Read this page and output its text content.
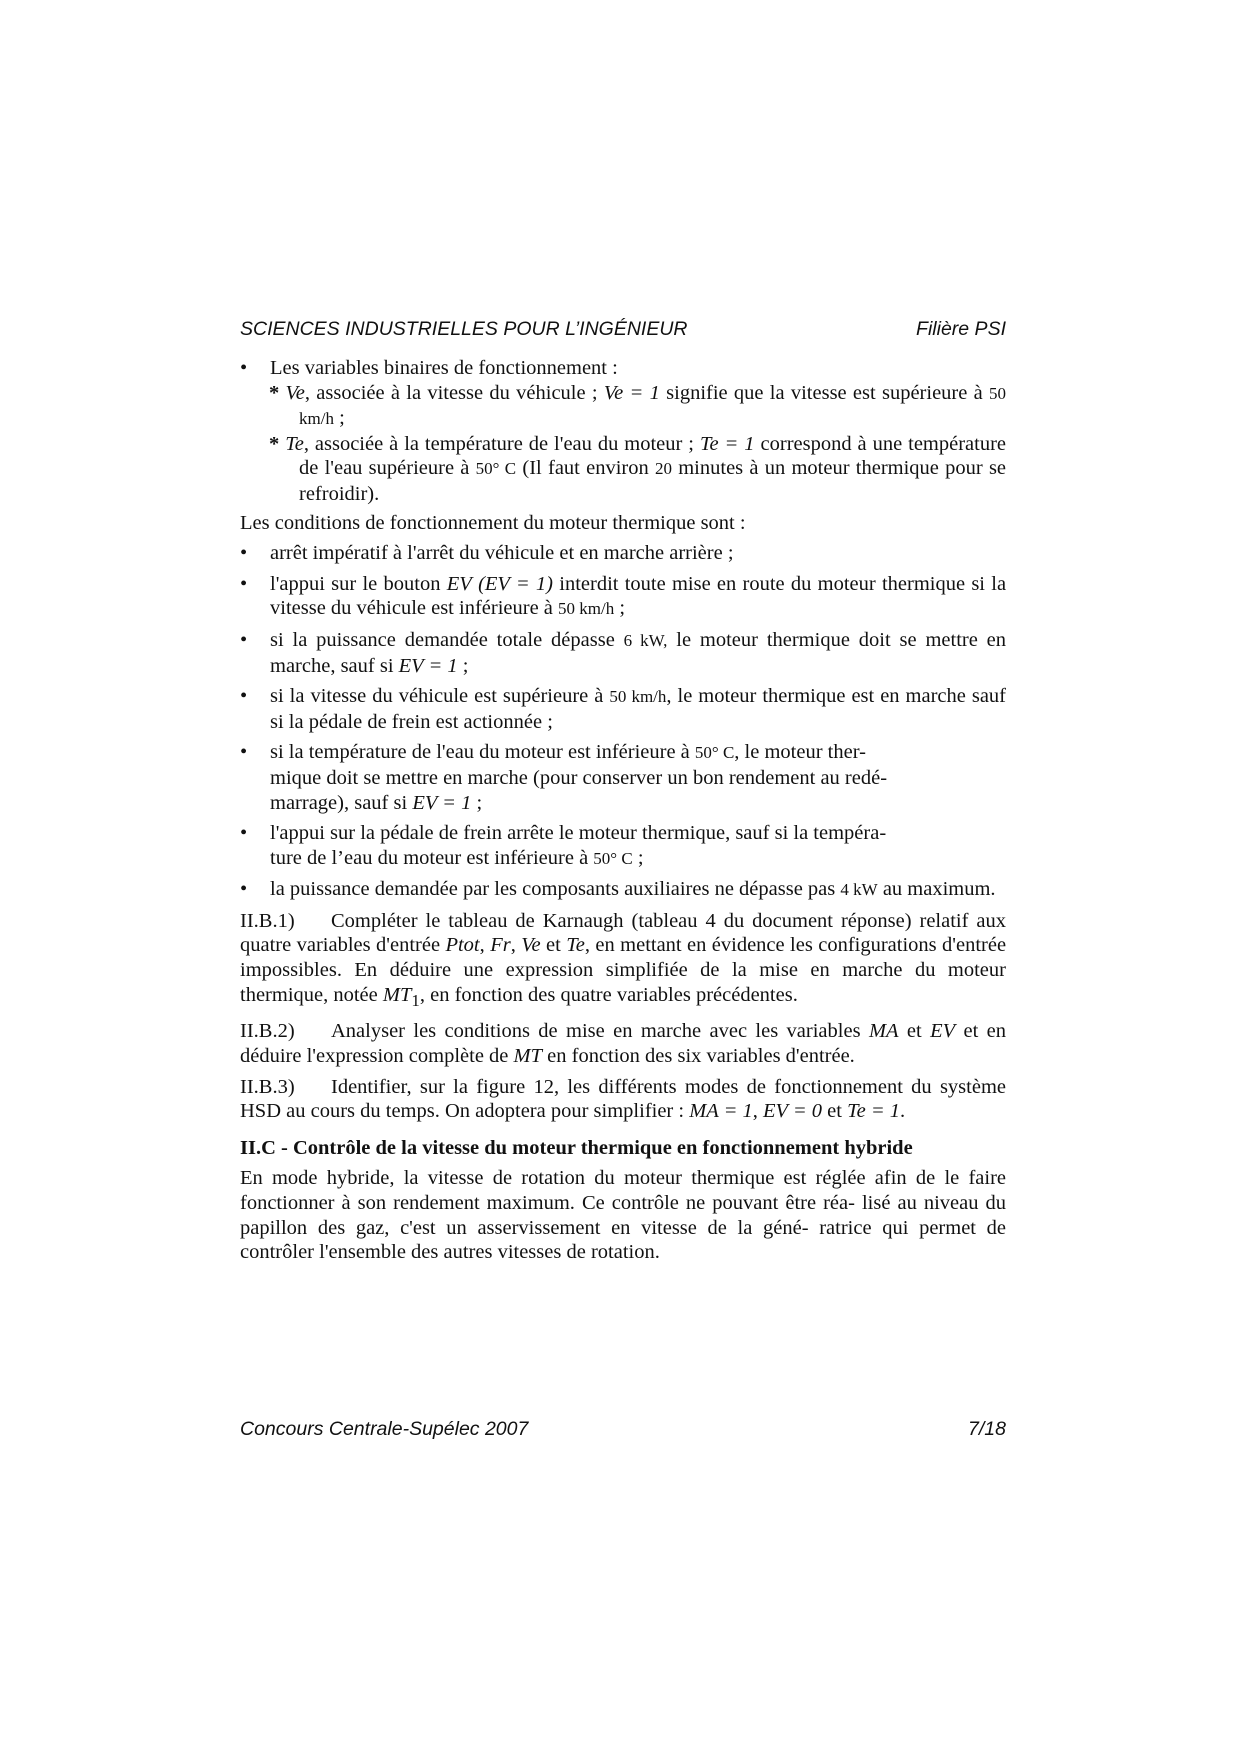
SCIENCES INDUSTRIELLES POUR L’INGÉNIEUR	Filière PSI
• Les variables binaires de fonctionnement :

* Ve, associée à la vitesse du véhicule ; Ve = 1 signifie que la vitesse est supérieure à 50 km/h ;

* Te, associée à la température de l'eau du moteur ; Te = 1 correspond à une température de l'eau supérieure à 50° C (Il faut environ 20 minutes à un moteur thermique pour se refroidir).

Les conditions de fonctionnement du moteur thermique sont :

• arrêt impératif à l'arrêt du véhicule et en marche arrière ;
• l'appui sur le bouton EV (EV = 1) interdit toute mise en route du moteur thermique si la vitesse du véhicule est inférieure à 50 km/h ;
• si la puissance demandée totale dépasse 6 kW, le moteur thermique doit se mettre en marche, sauf si EV = 1 ;
• si la vitesse du véhicule est supérieure à 50 km/h, le moteur thermique est en marche sauf si la pédale de frein est actionnée ;
• si la température de l'eau du moteur est inférieure à 50° C, le moteur ther-
mique doit se mettre en marche (pour conserver un bon rendement au redé-
marrage), sauf si EV = 1 ;
• l'appui sur la pédale de frein arrête le moteur thermique, sauf si la tempéra-
ture de l’eau du moteur est inférieure à 50° C ;
• la puissance demandée par les composants auxiliaires ne dépasse pas 4 kW au maximum.

II.B.1) Compléter le tableau de Karnaugh (tableau 4 du document réponse) relatif aux quatre variables d'entrée Ptot, Fr, Ve et Te, en mettant en évidence les configurations d'entrée impossibles. En déduire une expression simplifiée de la mise en marche du moteur thermique, notée $MT_1$, en fonction des quatre variables précédentes.

II.B.2) Analyser les conditions de mise en marche avec les variables MA et EV et en déduire l'expression complète de MT en fonction des six variables d'entrée.

II.B.3) Identifier, sur la figure 12, les différents modes de fonctionnement du système HSD au cours du temps. On adoptera pour simplifier : MA = 1, EV = 0 et Te = 1.

II.C - Contrôle de la vitesse du moteur thermique en fonctionnement hybride

En mode hybride, la vitesse de rotation du moteur thermique est réglée afin de le faire fonctionner à son rendement maximum. Ce contrôle ne pouvant être réa- lisé au niveau du papillon des gaz, c'est un asservissement en vitesse de la géné- ratrice qui permet de contrôler l'ensemble des autres vitesses de rotation.

Concours Centrale-Supélec 2007	7/18
